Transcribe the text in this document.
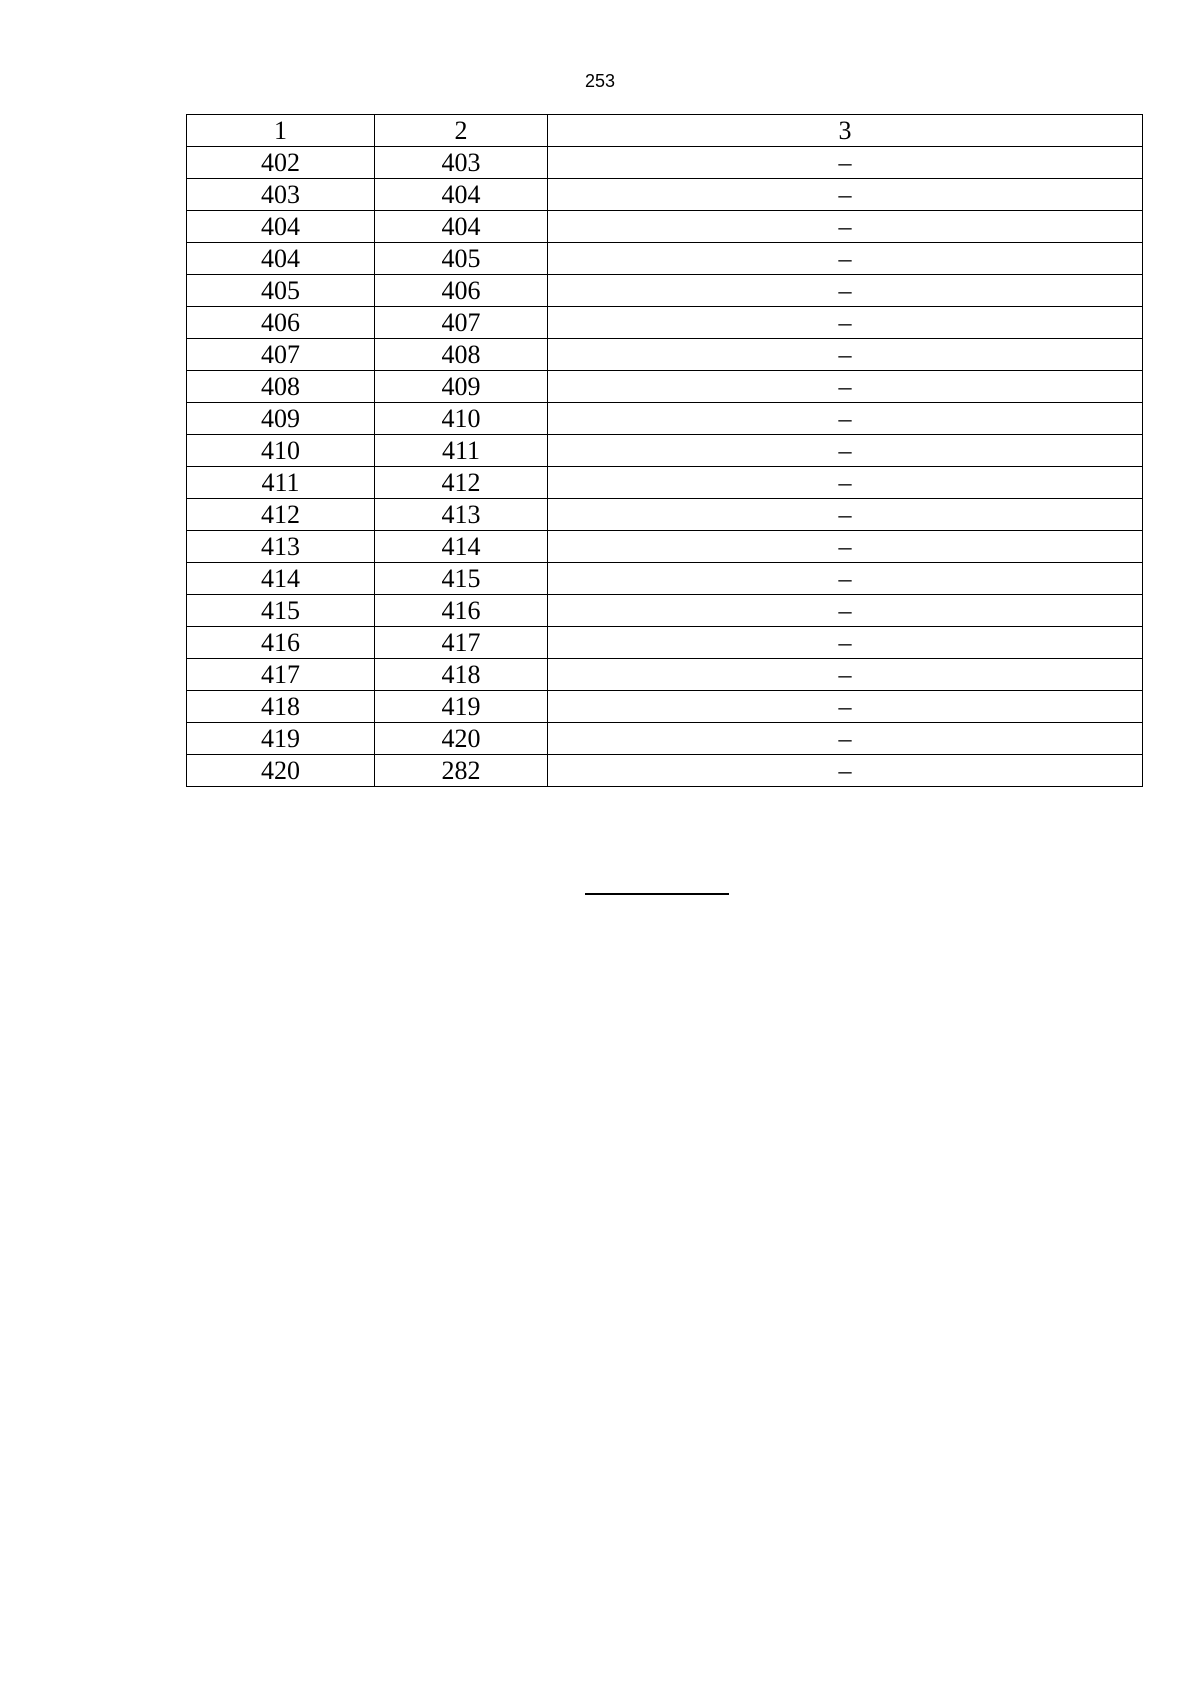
253
1	2	3
402	403	–
403	404	–
404	404	–
404	405	–
405	406	–
406	407	–
407	408	–
408	409	–
409	410	–
410	411	–
411	412	–
412	413	–
413	414	–
414	415	–
415	416	–
416	417	–
417	418	–
418	419	–
419	420	–
420	282	–
